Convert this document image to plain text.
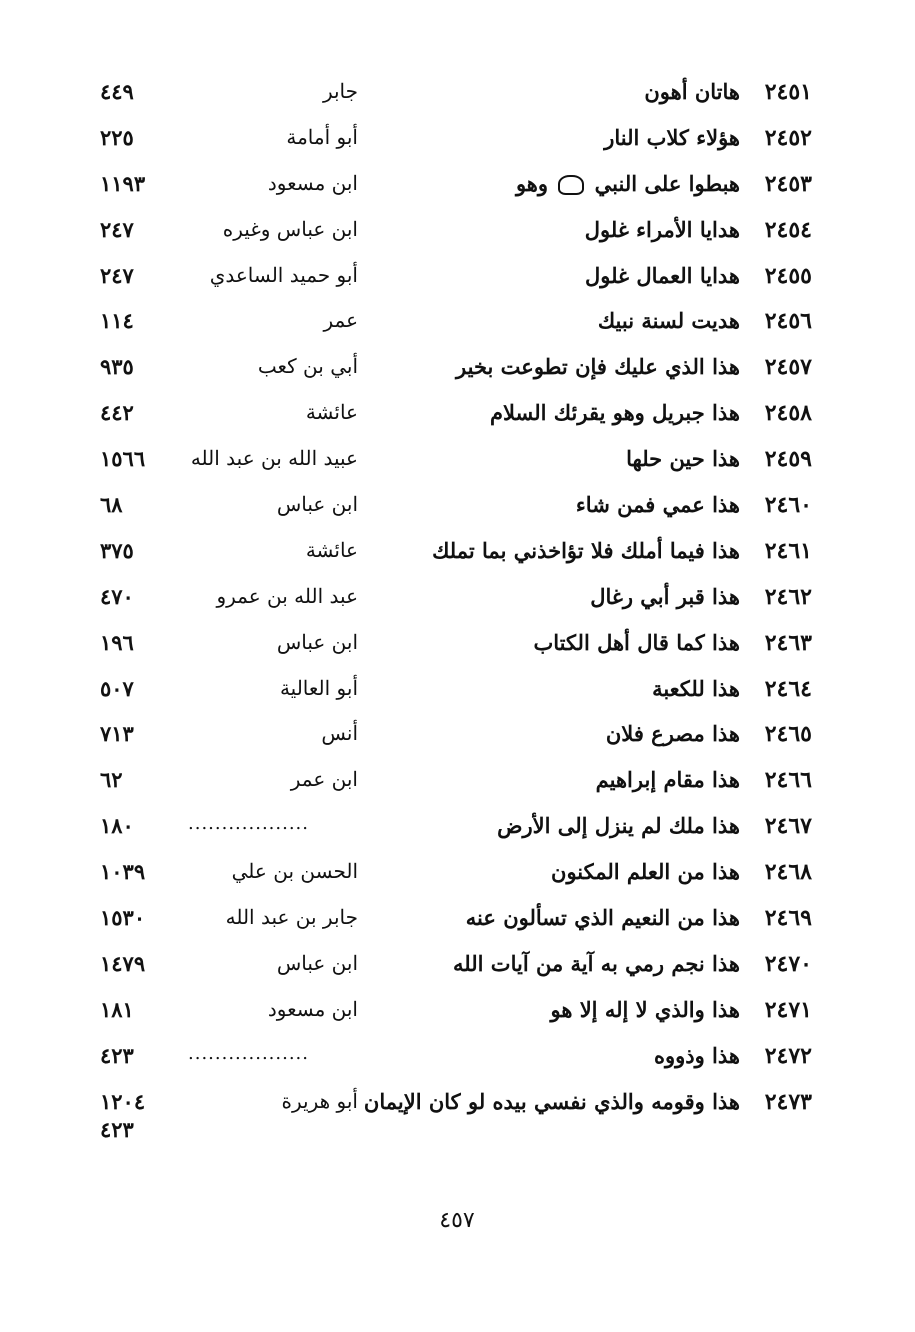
٢٤٥١
هاتان أهون
جابر
٤٤٩
٢٤٥٢
هؤلاء كلاب النار
أبو أمامة
٢٢٥
٢٤٥٣
هبطوا على النبي  وهو
ابن مسعود
١١٩٣
٢٤٥٤
هدايا الأمراء غلول
ابن عباس وغيره
٢٤٧
٢٤٥٥
هدايا العمال غلول
أبو حميد الساعدي
٢٤٧
٢٤٥٦
هديت لسنة نبيك
عمر
١١٤
٢٤٥٧
هذا الذي عليك فإن تطوعت بخير
أبي بن كعب
٩٣٥
٢٤٥٨
هذا جبريل وهو يقرئك السلام
عائشة
٤٤٢
٢٤٥٩
هذا حين حلها
عبيد الله بن عبد الله
١٥٦٦
٢٤٦٠
هذا عمي فمن شاء
ابن عباس
٦٨
٢٤٦١
هذا فيما أملك فلا تؤاخذني بما تملك
عائشة
٣٧٥
٢٤٦٢
هذا قبر أبي رغال
عبد الله بن عمرو
٤٧٠
٢٤٦٣
هذا كما قال أهل الكتاب
ابن عباس
١٩٦
٢٤٦٤
هذا للكعبة
أبو العالية
٥٠٧
٢٤٦٥
هذا مصرع فلان
أنس
٧١٣
٢٤٦٦
هذا مقام إبراهيم
ابن عمر
٦٢
٢٤٦٧
هذا ملك لم ينزل إلى الأرض
..................
١٨٠
٢٤٦٨
هذا من العلم المكنون
الحسن بن علي
١٠٣٩
٢٤٦٩
هذا من النعيم الذي تسألون عنه
جابر بن عبد الله
١٥٣٠
٢٤٧٠
هذا نجم رمي به آية من آيات الله
ابن عباس
١٤٧٩
٢٤٧١
هذا والذي لا إله إلا هو
ابن مسعود
١٨١
٢٤٧٢
هذا وذووه
..................
٤٢٣
٢٤٧٣
هذا وقومه والذي نفسي بيده لو كان الإيمان
أبو هريرة
١٢٠٤
٤٢٣
٤٥٧
